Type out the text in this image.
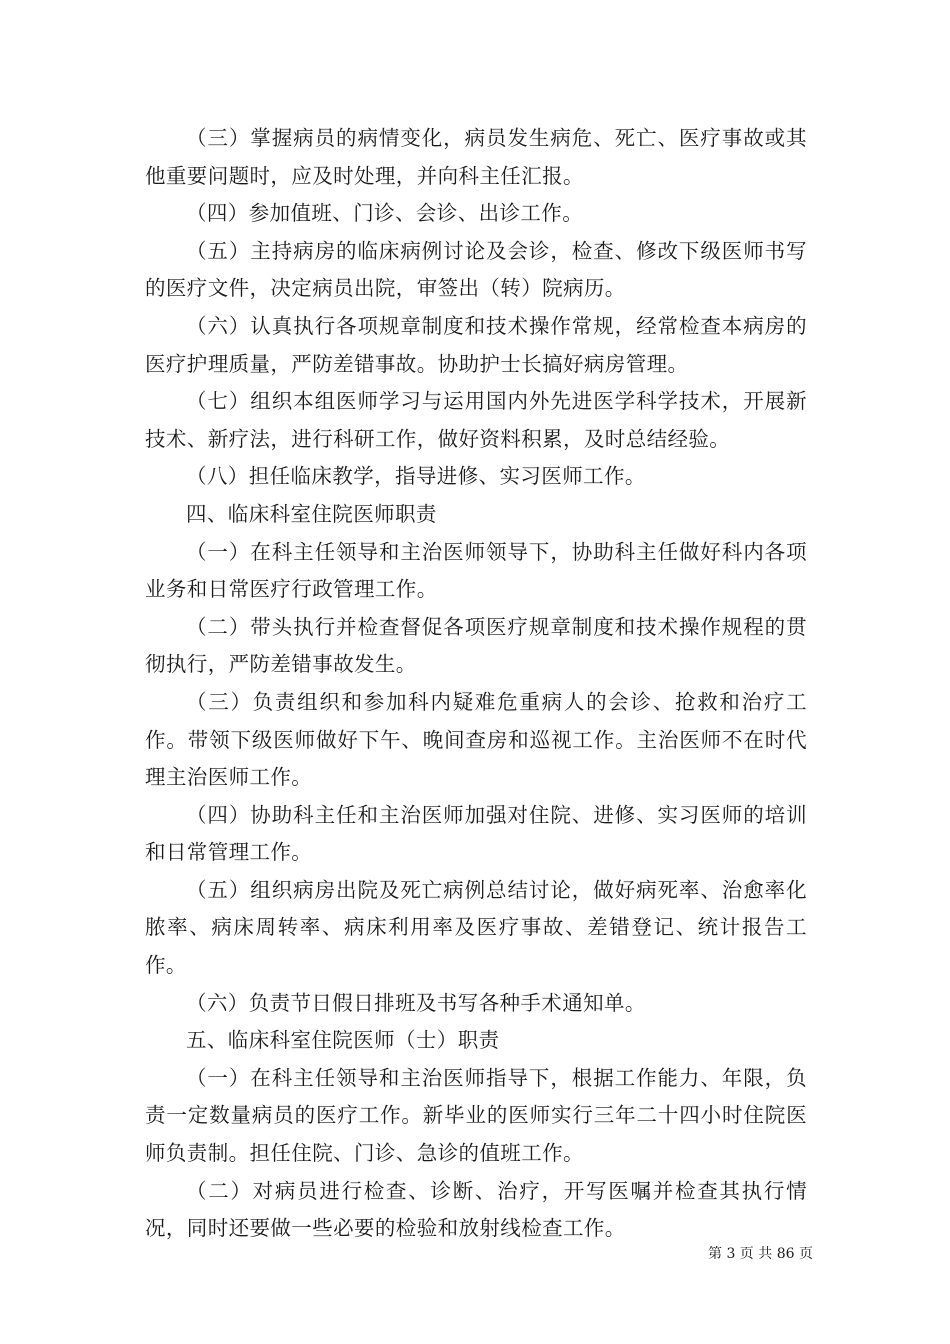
（三）掌握病员的病情变化，病员发生病危、死亡、医疗事故或其他重要问题时，应及时处理，并向科主任汇报。

（四）参加值班、门诊、会诊、出诊工作。

（五）主持病房的临床病例讨论及会诊，检查、修改下级医师书写的医疗文件，决定病员出院，审签出（转）院病历。

（六）认真执行各项规章制度和技术操作常规，经常检查本病房的医疗护理质量，严防差错事故。协助护士长搞好病房管理。

（七）组织本组医师学习与运用国内外先进医学科学技术，开展新技术、新疗法，进行科研工作，做好资料积累，及时总结经验。

（八）担任临床教学，指导进修、实习医师工作。

四、临床科室住院医师职责

（一）在科主任领导和主治医师领导下，协助科主任做好科内各项业务和日常医疗行政管理工作。

（二）带头执行并检查督促各项医疗规章制度和技术操作规程的贯彻执行，严防差错事故发生。

（三）负责组织和参加科内疑难危重病人的会诊、抢救和治疗工作。带领下级医师做好下午、晚间查房和巡视工作。主治医师不在时代理主治医师工作。

（四）协助科主任和主治医师加强对住院、进修、实习医师的培训和日常管理工作。

（五）组织病房出院及死亡病例总结讨论，做好病死率、治愈率化脓率、病床周转率、病床利用率及医疗事故、差错登记、统计报告工作。

（六）负责节日假日排班及书写各种手术通知单。

五、临床科室住院医师（士）职责

（一）在科主任领导和主治医师指导下，根据工作能力、年限，负责一定数量病员的医疗工作。新毕业的医师实行三年二十四小时住院医师负责制。担任住院、门诊、急诊的值班工作。

（二）对病员进行检查、诊断、治疗，开写医嘱并检查其执行情况，同时还要做一些必要的检验和放射线检查工作。

第 3 页 共 86 页
